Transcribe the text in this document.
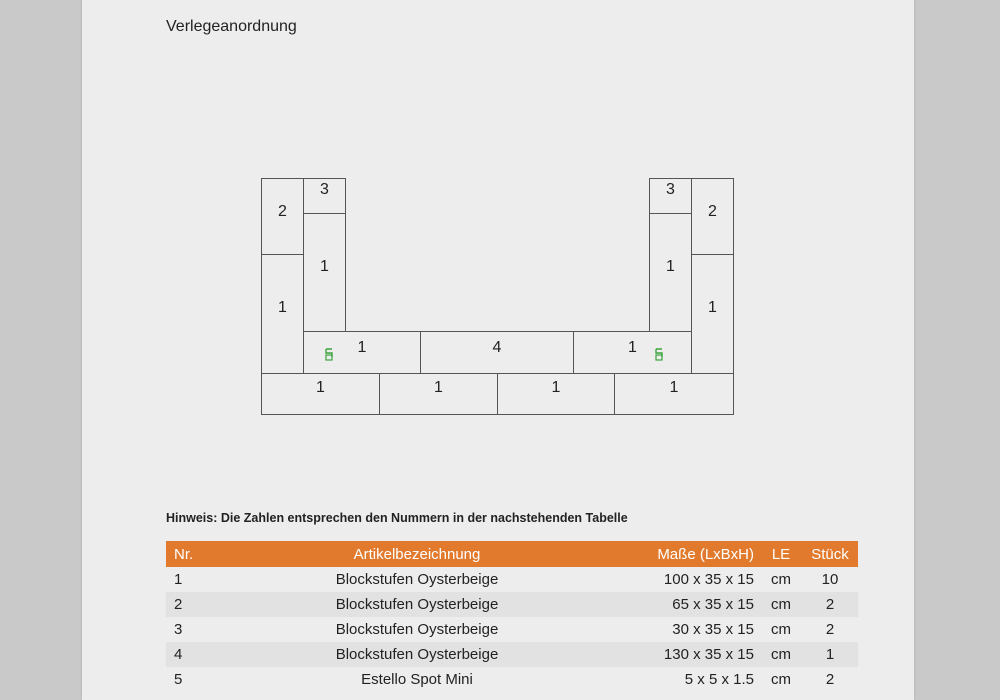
Verlegeanordnung
2
3
1
1
3
2
1
1
1	4	1
1	1	1	1
Hinweis: Die Zahlen entsprechen den Nummern in der nachstehenden Tabelle
Nr.	Artikelbezeichnung	Maße (LxBxH)	LE	Stück
1	Blockstufen Oysterbeige	100 x 35 x 15	cm	10
2	Blockstufen Oysterbeige	65 x 35 x 15	cm	2
3	Blockstufen Oysterbeige	30 x 35 x 15	cm	2
4	Blockstufen Oysterbeige	130 x 35 x 15	cm	1
5	Estello Spot Mini	5 x 5 x 1.5	cm	2
